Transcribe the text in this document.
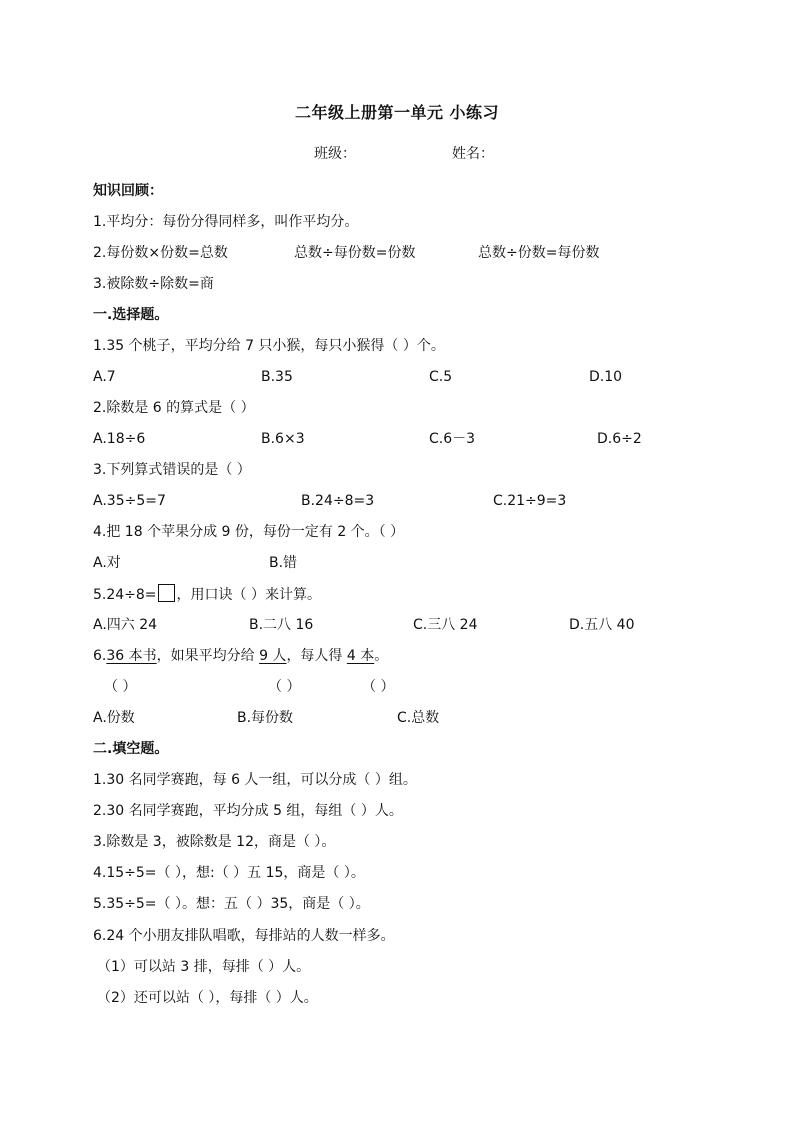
二年级上册第一单元 小练习
班级：	姓名：
知识回顾：
1.平均分：每份分得同样多，叫作平均分。
2.每份数×份数=总数	总数÷每份数=份数	总数÷份数=每份数
3.被除数÷除数=商
一.选择题。
1.35 个桃子，平均分给 7 只小猴，每只小猴得（ ）个。
A.7	B.35	C.5	D.10
2.除数是 6 的算式是（ ）
A.18÷6	B.6×3	C.6－3	D.6÷2
3.下列算式错误的是（ ）
A.35÷5=7	B.24÷8=3	C.21÷9=3
4.把 18 个苹果分成 9 份，每份一定有 2 个。（ ）
A.对	B.错
5.24÷8= ，用口诀（ ）来计算。
A.四六 24	B.二八 16	C.三八 24	D.五八 40
6.36 本书，如果平均分给 9 人，每人得 4 本。
（ ）	（ ）	（ ）
A.份数	B.每份数	C.总数
二.填空题。
1.30 名同学赛跑，每 6 人一组，可以分成（ ）组。
2.30 名同学赛跑，平均分成 5 组，每组（ ）人。
3.除数是 3，被除数是 12，商是（ ）。
4.15÷5=（ ），想:（ ）五 15，商是（ ）。
5.35÷5=（ ）。想：五（ ）35，商是（ ）。
6.24 个小朋友排队唱歌，每排站的人数一样多。
（1）可以站 3 排，每排（ ）人。
（2）还可以站（ ），每排（ ）人。
